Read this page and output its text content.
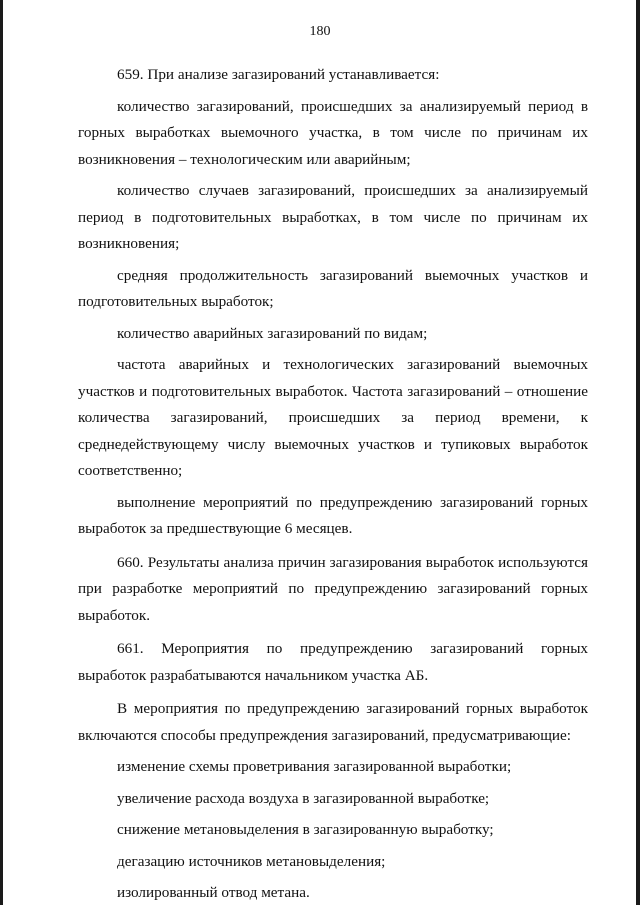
180

659. При анализе загазирований устанавливается:

количество загазирований, происшедших за анализируемый период в горных выработках выемочного участка, в том числе по причинам их возникновения – технологическим или аварийным;

количество случаев загазирований, происшедших за анализируемый период в подготовительных выработках, в том числе по причинам их возникновения;

средняя продолжительность загазирований выемочных участков и подготовительных выработок;

количество аварийных загазирований по видам;

частота аварийных и технологических загазирований выемочных участков и подготовительных выработок. Частота загазирований – отношение количества загазирований, происшедших за период времени, к среднедействующему числу выемочных участков и тупиковых выработок соответственно;

выполнение мероприятий по предупреждению загазирований горных выработок за предшествующие 6 месяцев.

660. Результаты анализа причин загазирования выработок используются при разработке мероприятий по предупреждению загазирований горных выработок.

661. Мероприятия по предупреждению загазирований горных выработок разрабатываются начальником участка АБ.

В мероприятия по предупреждению загазирований горных выработок включаются способы предупреждения загазирований, предусматривающие:

изменение схемы проветривания загазированной выработки;

увеличение расхода воздуха в загазированной выработке;

снижение метановыделения в загазированную выработку;

дегазацию источников метановыделения;

изолированный отвод метана.
